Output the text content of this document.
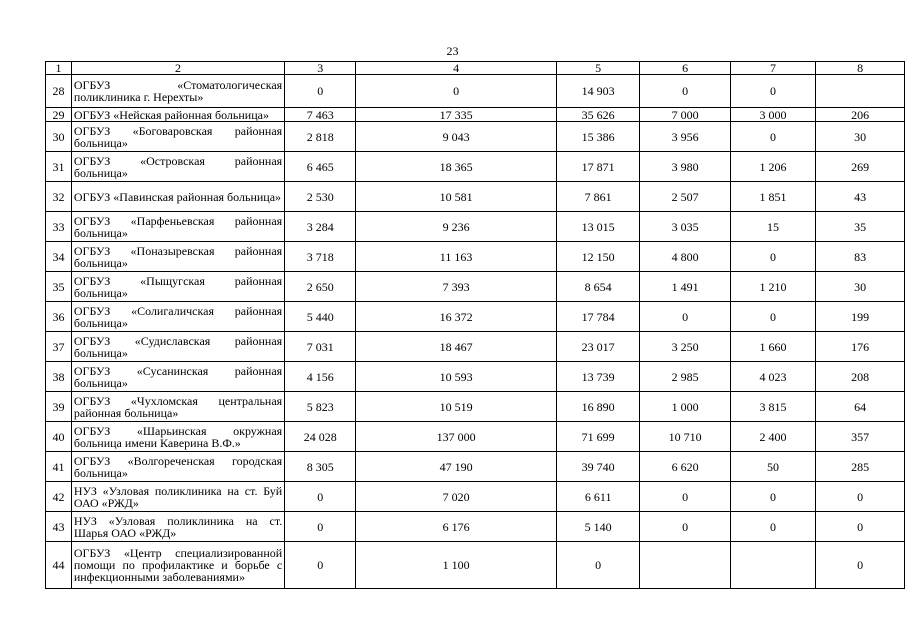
23
1	2	3	4	5	6	7	8
28	ОГБУЗ «Стоматологическая поликлиника г. Нерехты»	0	0	14 903	0	0	
29	ОГБУЗ «Нейская районная больница»	7 463	17 335	35 626	7 000	3 000	206
30	ОГБУЗ «Боговаровская районная больница»	2 818	9 043	15 386	3 956	0	30
31	ОГБУЗ «Островская районная больница»	6 465	18 365	17 871	3 980	1 206	269
32	ОГБУЗ «Павинская районная больница»	2 530	10 581	7 861	2 507	1 851	43
33	ОГБУЗ «Парфеньевская районная больница»	3 284	9 236	13 015	3 035	15	35
34	ОГБУЗ «Поназыревская районная больница»	3 718	11 163	12 150	4 800	0	83
35	ОГБУЗ «Пыщугская районная больница»	2 650	7 393	8 654	1 491	1 210	30
36	ОГБУЗ «Солигаличская районная больница»	5 440	16 372	17 784	0	0	199
37	ОГБУЗ «Судиславская районная больница»	7 031	18 467	23 017	3 250	1 660	176
38	ОГБУЗ «Сусанинская районная больница»	4 156	10 593	13 739	2 985	4 023	208
39	ОГБУЗ «Чухломская центральная районная больница»	5 823	10 519	16 890	1 000	3 815	64
40	ОГБУЗ «Шарьинская окружная больница имени Каверина В.Ф.»	24 028	137 000	71 699	10 710	2 400	357
41	ОГБУЗ «Волгореченская городская больница»	8 305	47 190	39 740	6 620	50	285
42	НУЗ «Узловая поликлиника на ст. Буй ОАО «РЖД»	0	7 020	6 611	0	0	0
43	НУЗ «Узловая поликлиника на ст. Шарья ОАО «РЖД»	0	6 176	5 140	0	0	0
44	ОГБУЗ «Центр специализированной помощи по профилактике и борьбе с инфекционными заболеваниями»	0	1 100	0			0
